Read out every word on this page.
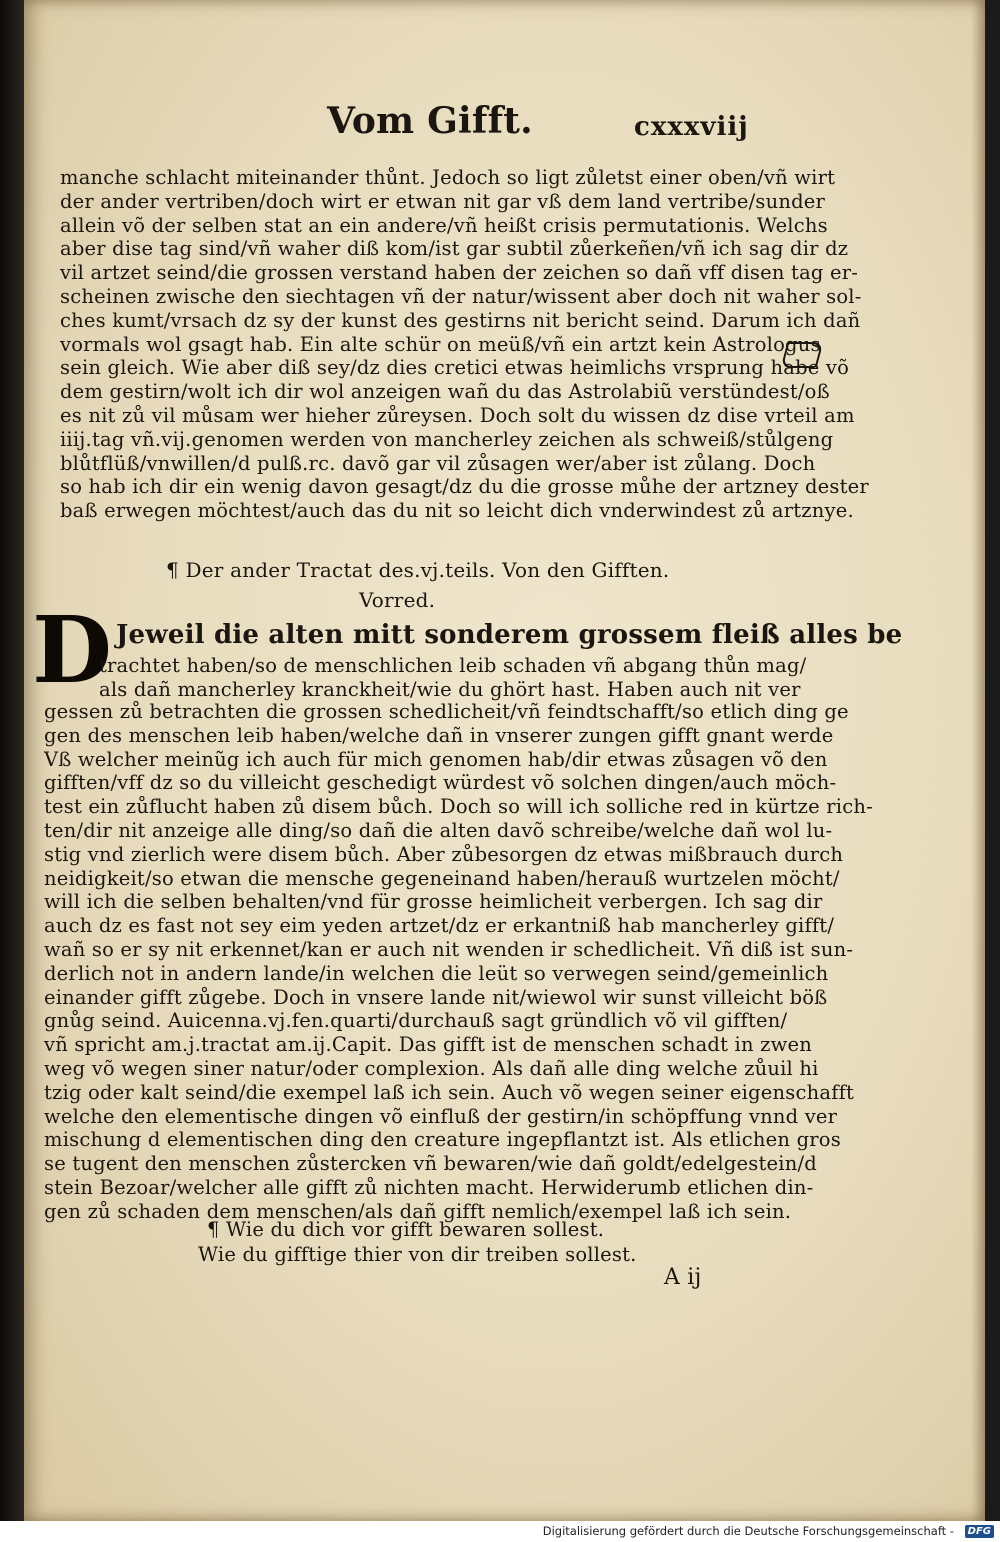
Vom Gifft.	cxxxviij

manche schlacht miteinander thůnt. Jedoch so ligt zůletst einer oben/vñ wirt

der ander vertriben/doch wirt er etwan nit gar vß dem land vertribe/sunder

allein võ der selben stat an ein andere/vñ heißt crisis permutationis. Welchs

aber dise tag sind/vñ waher diß kom/ist gar subtil zůerkeñen/vñ ich sag dir dz

vil artzet seind/die grossen verstand haben der zeichen so dañ vff disen tag er-

scheinen zwische den siechtagen vñ der natur/wissent aber doch nit waher sol-

ches kumt/vrsach dz sy der kunst des gestirns nit bericht seind. Darum ich dañ

vormals wol gsagt hab. Ein alte schür on meüß/vñ ein artzt kein Astrologus

sein gleich. Wie aber diß sey/dz dies cretici etwas heimlichs vrsprung habe võ

dem gestirn/wolt ich dir wol anzeigen wañ du das Astrolabiũ verstündest/oß

es nit zů vil můsam wer hieher zůreysen. Doch solt du wissen dz dise vrteil am

iiij.tag vñ.vij.genomen werden von mancherley zeichen als schweiß/stůlgeng

blůtflüß/vnwillen/d pulß.rc. davõ gar vil zůsagen wer/aber ist zůlang. Doch

so hab ich dir ein wenig davon gesagt/dz du die grosse můhe der artzney dester

baß erwegen möchtest/auch das du nit so leicht dich vnderwindest zů artznye.

¶ Der ander Tractat des.vj.teils. Von den Gifften.
Vorred.
D Jeweil die alten mitt sonderem grossem fleiß alles be

trachtet haben/so de menschlichen leib schaden vñ abgang thůn mag/

als dañ mancherley kranckheit/wie du ghört hast. Haben auch nit ver

gessen zů betrachten die grossen schedlicheit/vñ feindtschafft/so etlich ding ge

gen des menschen leib haben/welche dañ in vnserer zungen gifft gnant werde

Vß welcher meinũg ich auch für mich genomen hab/dir etwas zůsagen võ den

gifften/vff dz so du villeicht geschedigt würdest võ solchen dingen/auch möch-

test ein zůflucht haben zů disem bůch. Doch so will ich solliche red in kürtze rich-

ten/dir nit anzeige alle ding/so dañ die alten davõ schreibe/welche dañ wol lu-

stig vnd zierlich were disem bůch. Aber zůbesorgen dz etwas mißbrauch durch

neidigkeit/so etwan die mensche gegeneinand haben/herauß wurtzelen möcht/

will ich die selben behalten/vnd für grosse heimlicheit verbergen. Ich sag dir

auch dz es fast not sey eim yeden artzet/dz er erkantniß hab mancherley gifft/

wañ so er sy nit erkennet/kan er auch nit wenden ir schedlicheit. Vñ diß ist sun-

derlich not in andern lande/in welchen die leüt so verwegen seind/gemeinlich

einander gifft zůgebe. Doch in vnsere lande nit/wiewol wir sunst villeicht böß

gnůg seind. Auicenna.vj.fen.quarti/durchauß sagt gründlich võ vil gifften/

vñ spricht am.j.tractat am.ij.Capit. Das gifft ist de menschen schadt in zwen

weg võ wegen siner natur/oder complexion. Als dañ alle ding welche zůuil hi

tzig oder kalt seind/die exempel laß ich sein. Auch võ wegen seiner eigenschafft

welche den elementische dingen võ einfluß der gestirn/in schöpffung vnnd ver

mischung d elementischen ding den creature ingepflantzt ist. Als etlichen gros

se tugent den menschen zůstercken vñ bewaren/wie dañ goldt/edelgestein/d

stein Bezoar/welcher alle gifft zů nichten macht. Herwiderumb etlichen din-

gen zů schaden dem menschen/als dañ gifft nemlich/exempel laß ich sein.

¶ Wie du dich vor gifft bewaren sollest.
Wie du gifftige thier von dir treiben sollest.
A ij
Digitalisierung gefördert durch die Deutsche Forschungsgemeinschaft -	DFG
